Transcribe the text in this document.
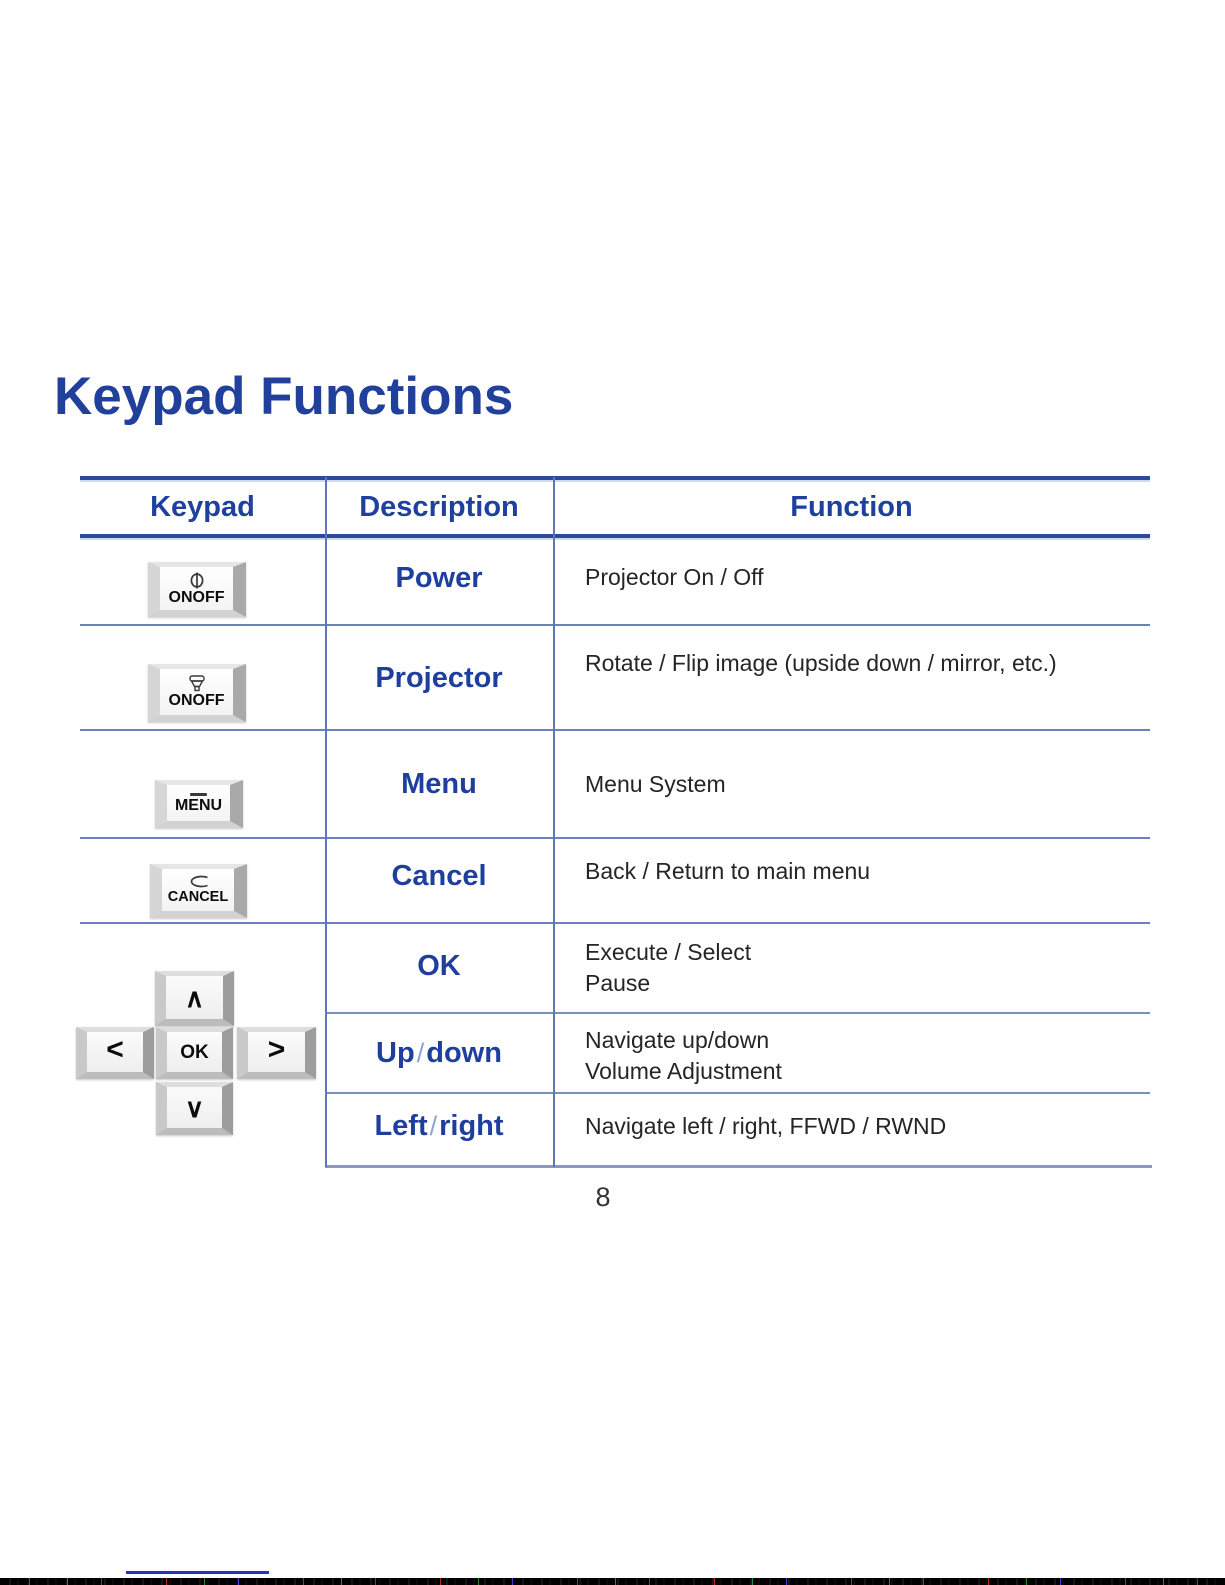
Keypad Functions
Keypad	Description	Function
ONOFF
Power	Projector On / Off
ONOFF
Projector	Rotate / Flip image (upside down / mirror, etc.)
MENU
Menu	Menu System
CANCEL
Cancel	Back / Return to main menu
∧
<	OK >
∨
OK	Execute / Select
Pause
Up / down	Navigate up/down
Volume Adjustment
Left / right	Navigate left / right, FFWD / RWND
8
